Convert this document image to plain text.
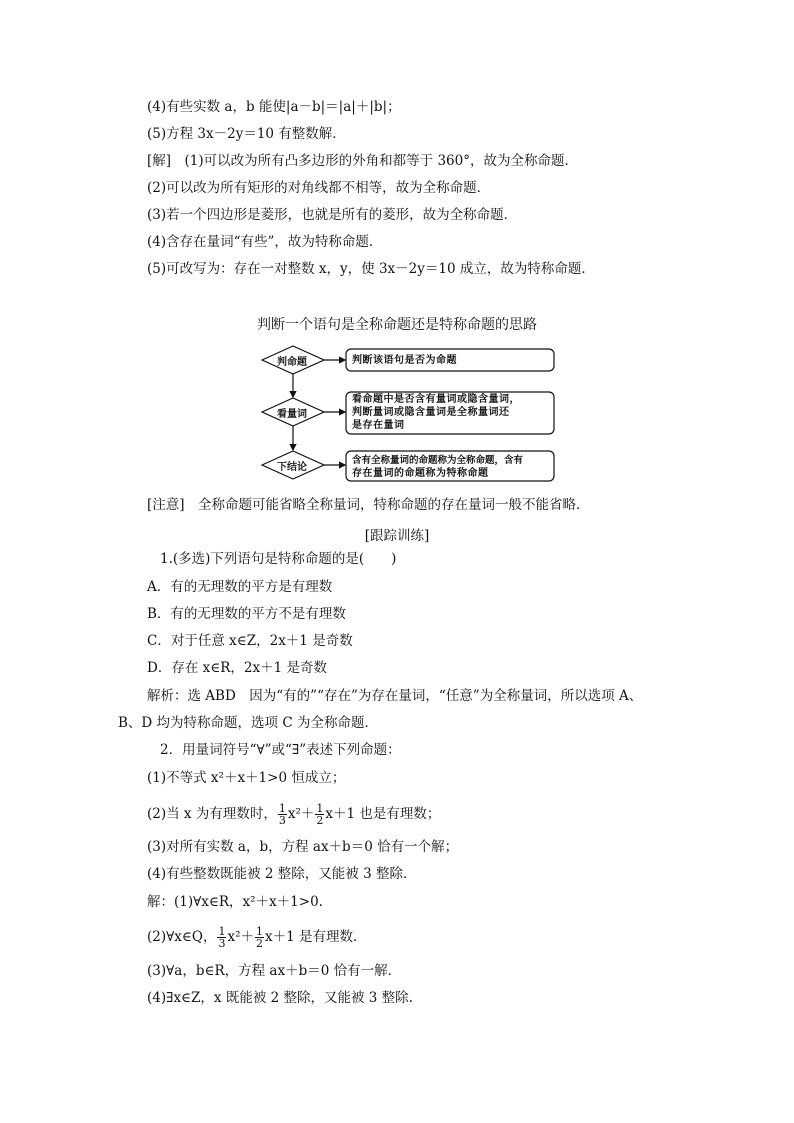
(4)有些实数 a，b 能使|a－b|＝|a|＋|b|；
(5)方程 3x－2y＝10 有整数解．
[解]　(1)可以改为所有凸多边形的外角和都等于 360°，故为全称命题．
(2)可以改为所有矩形的对角线都不相等，故为全称命题．
(3)若一个四边形是菱形，也就是所有的菱形，故为全称命题．
(4)含存在量词“有些”，故为特称命题．
(5)可改写为：存在一对整数 x，y，使 3x－2y＝10 成立，故为特称命题．
判断一个语句是全称命题还是特称命题的思路
判命题
看量词
下结论
判断该语句是否为命题
看命题中是否含有量词或隐含量词，
判断量词或隐含量词是全称量词还
是存在量词
含有全称量词的命题称为全称命题，含有
存在量词的命题称为特称命题
[注意]　全称命题可能省略全称量词，特称命题的存在量词一般不能省略．
[跟踪训练]
1.(多选)下列语句是特称命题的是(　　)
A．有的无理数的平方是有理数
B．有的无理数的平方不是有理数
C．对于任意 x∈Z，2x＋1 是奇数
D．存在 x∈R，2x＋1 是奇数
解析：选 ABD　因为“有的”“存在”为存在量词，“任意”为全称量词，所以选项 A、
B、D 均为特称命题，选项 C 为全称命题．
2．用量词符号“∀”或“∃”表述下列命题：
(1)不等式 x²＋x＋1>0 恒成立；
(2)当 x 为有理数时， $\frac{1}{3} x^2+ \frac{1}{2} x+1$ 也是有理数；
(3)对所有实数 a，b，方程 ax＋b＝0 恰有一个解；
(4)有些整数既能被 2 整除，又能被 3 整除．
解：(1)∀x∈R，x²＋x＋1>0.
(2)∀x∈Q， $\frac{1}{3} x^2+ \frac{1}{2} x+1$ 是有理数．
(3)∀a，b∈R，方程 ax＋b＝0 恰有一解．
(4)∃x∈Z，x 既能被 2 整除，又能被 3 整除.
